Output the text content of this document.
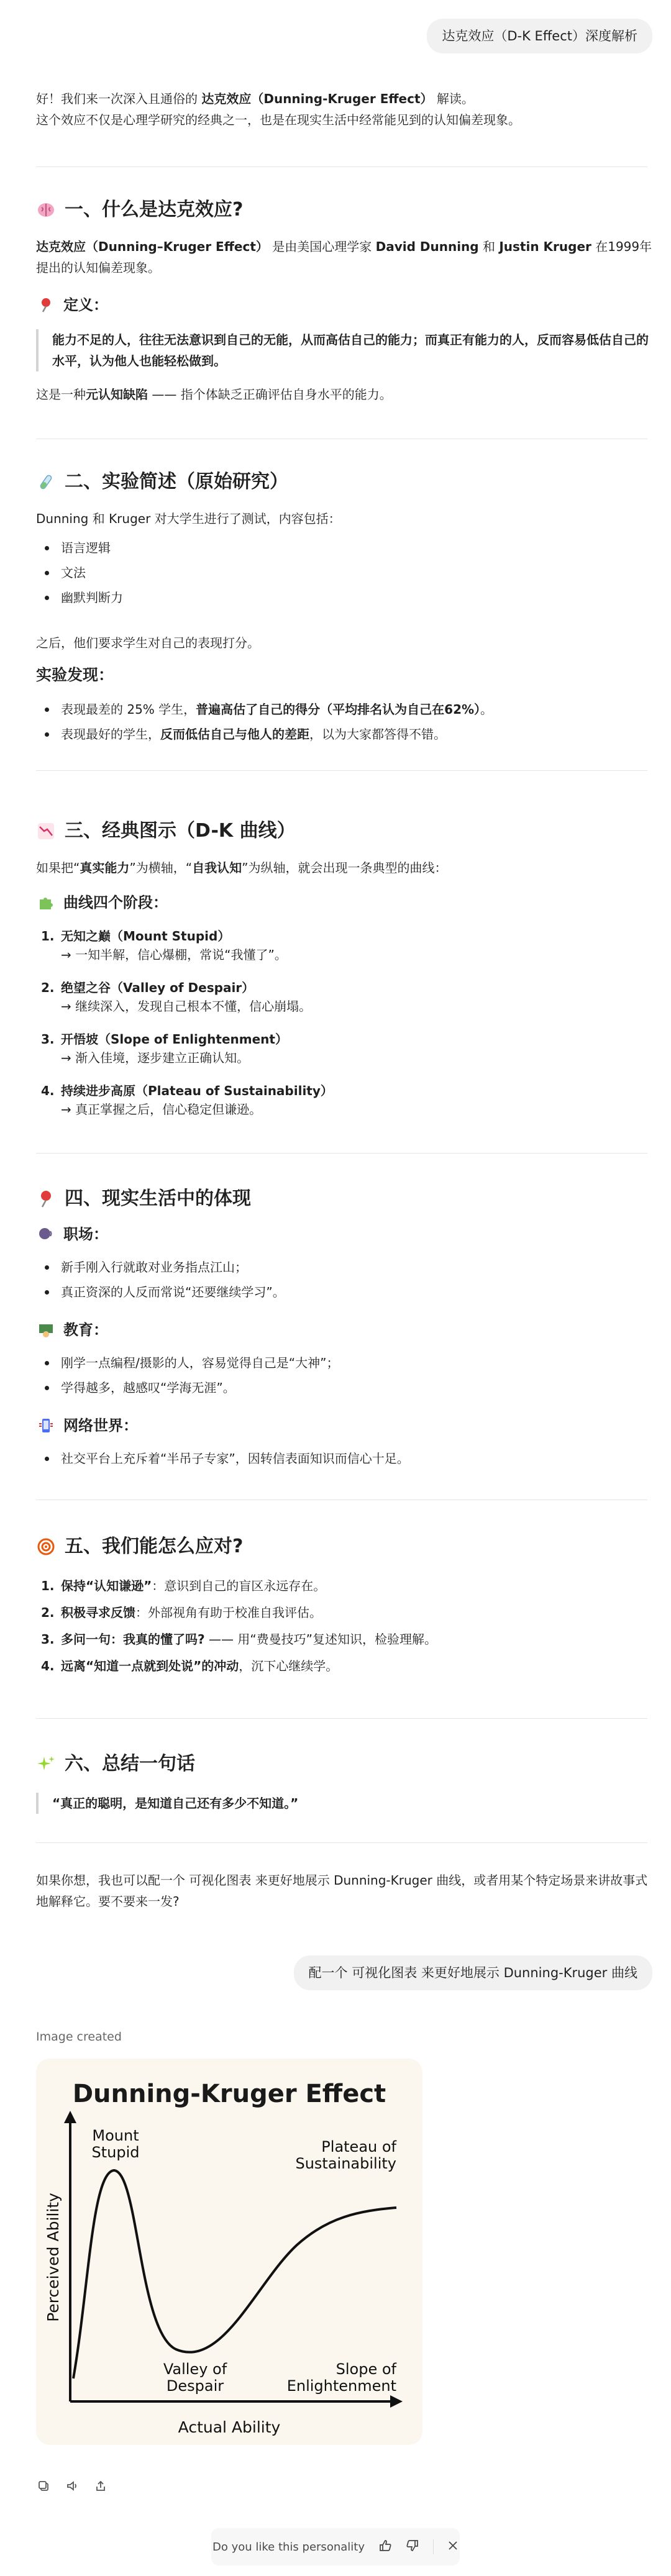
达克效应（D-K Effect）深度解析

好！我们来一次深入且通俗的 达克效应（Dunning-Kruger Effect） 解读。

这个效应不仅是心理学研究的经典之一，也是在现实生活中经常能见到的认知偏差现象。

一、什么是达克效应?

达克效应（Dunning–Kruger Effect） 是由美国心理学家 David Dunning 和 Justin Kruger 在1999年提出的认知偏差现象。

定义：
能力不足的人，往往无法意识到自己的无能，从而高估自己的能力；而真正有能力的人，反而容易低估自己的水平，认为他人也能轻松做到。

这是一种元认知缺陷 —— 指个体缺乏正确评估自身水平的能力。

二、实验简述（原始研究）

Dunning 和 Kruger 对大学生进行了测试，内容包括：

语言逻辑
文法
幽默判断力

之后，他们要求学生对自己的表现打分。

实验发现：
表现最差的 25% 学生，普遍高估了自己的得分（平均排名认为自己在62%）。
表现最好的学生，反而低估自己与他人的差距，以为大家都答得不错。
三、经典图示（D-K 曲线）

如果把“真实能力”为横轴，“自我认知”为纵轴，就会出现一条典型的曲线：

曲线四个阶段：
1. 无知之巅（Mount Stupid）
→ 一知半解，信心爆棚，常说“我懂了”。
2. 绝望之谷（Valley of Despair）
→ 继续深入，发现自己根本不懂，信心崩塌。
3. 开悟坡（Slope of Enlightenment）
→ 渐入佳境，逐步建立正确认知。
4. 持续进步高原（Plateau of Sustainability）
→ 真正掌握之后，信心稳定但谦逊。
四、现实生活中的体现
职场：
新手刚入行就敢对业务指点江山；
真正资深的人反而常说“还要继续学习”。
教育：
刚学一点编程/摄影的人，容易觉得自己是“大神”；
学得越多，越感叹“学海无涯”。
网络世界：
社交平台上充斥着“半吊子专家”，因转信表面知识而信心十足。
五、我们能怎么应对?
1. 保持“认知谦逊”：意识到自己的盲区永远存在。
2. 积极寻求反馈：外部视角有助于校准自我评估。
3. 多问一句：我真的懂了吗? —— 用“费曼技巧”复述知识，检验理解。
4. 远离“知道一点就到处说”的冲动，沉下心继续学。
六、总结一句话
“真正的聪明，是知道自己还有多少不知道。”

如果你想，我也可以配一个 可视化图表 来更好地展示 Dunning-Kruger 曲线，或者用某个特定场景来讲故事式地解释它。要不要来一发?

配一个 可视化图表 来更好地展示 Dunning-Kruger 曲线
Image created
Dunning-Kruger Effect
Mount Stupid	Plateau of Sustainability
Valley of Despair
Slope of Enlightenment
Actual Ability
Perceived Ability
Do you like this personality
